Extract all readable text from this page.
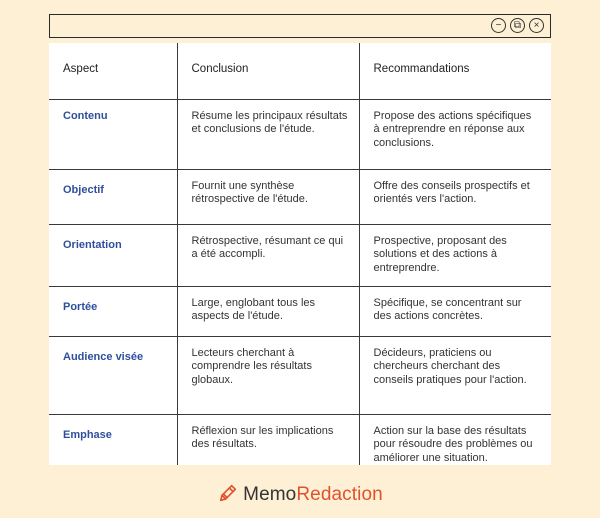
−	⧉	×
Aspect	Conclusion	Recommandations
Contenu	Résume les principaux résultats et conclusions de l'étude.	Propose des actions spécifiques à entreprendre en réponse aux conclusions.
Objectif	Fournit une synthèse rétrospective de l'étude.	Offre des conseils prospectifs et orientés vers l'action.
Orientation	Rétrospective, résumant ce qui a été accompli.	Prospective, proposant des solutions et des actions à entreprendre.
Portée	Large, englobant tous les aspects de l'étude.	Spécifique, se concentrant sur des actions concrètes.
Audience visée	Lecteurs cherchant à comprendre les résultats globaux.	Décideurs, praticiens ou chercheurs cherchant des conseils pratiques pour l'action.
Emphase	Réflexion sur les implications des résultats.	Action sur la base des résultats pour résoudre des problèmes ou améliorer une situation.
MemoRedaction
